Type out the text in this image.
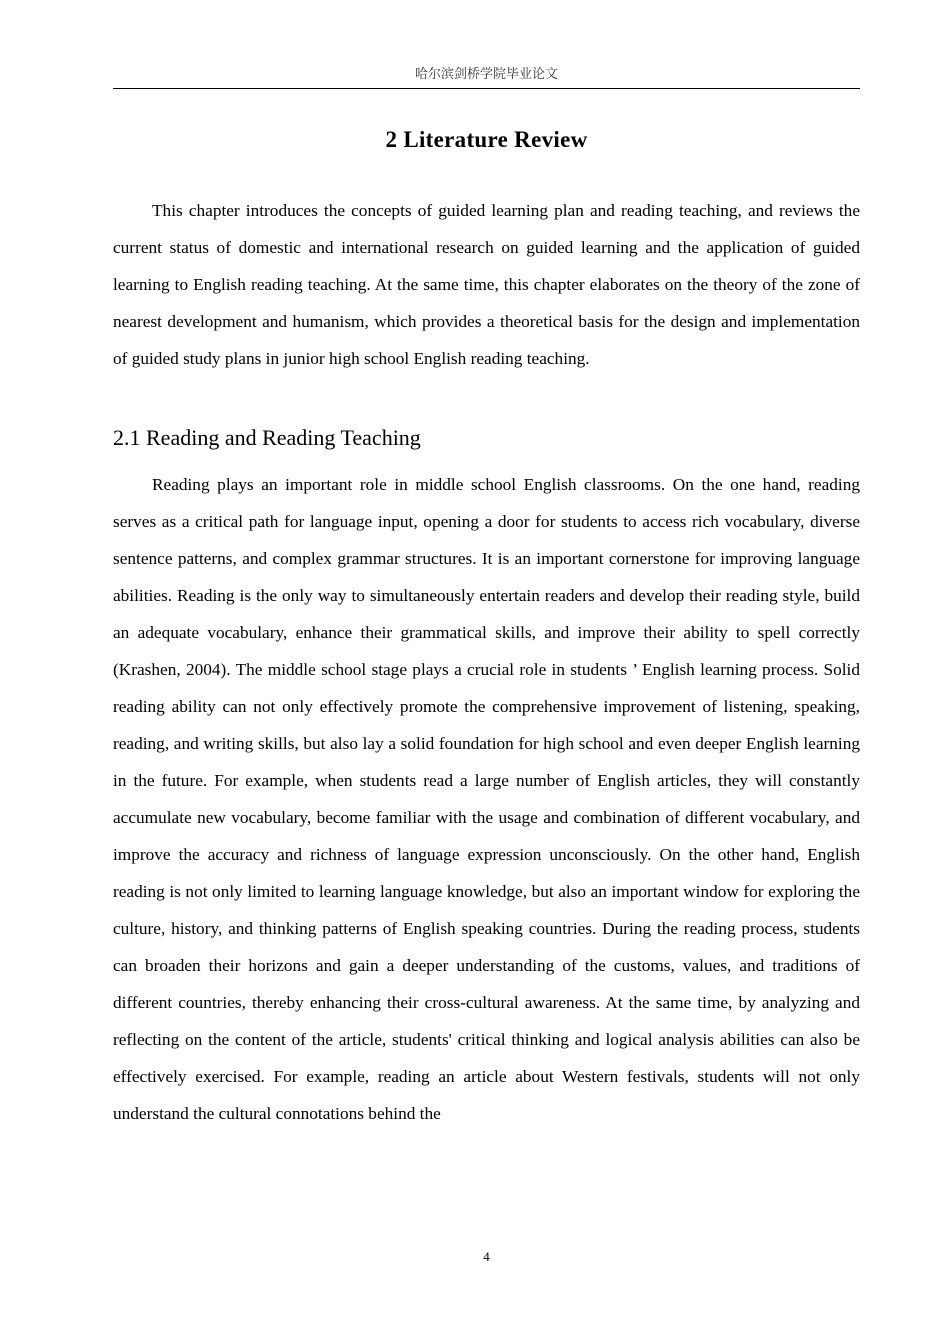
哈尔滨剑桥学院毕业论文
2 Literature Review

This chapter introduces the concepts of guided learning plan and reading teaching, and reviews the current status of domestic and international research on guided learning and the application of guided learning to English reading teaching. At the same time, this chapter elaborates on the theory of the zone of nearest development and humanism, which provides a theoretical basis for the design and implementation of guided study plans in junior high school English reading teaching.

2.1 Reading and Reading Teaching

Reading plays an important role in middle school English classrooms. On the one hand, reading serves as a critical path for language input, opening a door for students to access rich vocabulary, diverse sentence patterns, and complex grammar structures. It is an important cornerstone for improving language abilities. Reading is the only way to simultaneously entertain readers and develop their reading style, build an adequate vocabulary, enhance their grammatical skills, and improve their ability to spell correctly (Krashen, 2004). The middle school stage plays a crucial role in students ’ English learning process. Solid reading ability can not only effectively promote the comprehensive improvement of listening, speaking, reading, and writing skills, but also lay a solid foundation for high school and even deeper English learning in the future. For example, when students read a large number of English articles, they will constantly accumulate new vocabulary, become familiar with the usage and combination of different vocabulary, and improve the accuracy and richness of language expression unconsciously. On the other hand, English reading is not only limited to learning language knowledge, but also an important window for exploring the culture, history, and thinking patterns of English speaking countries. During the reading process, students can broaden their horizons and gain a deeper understanding of the customs, values, and traditions of different countries, thereby enhancing their cross-cultural awareness. At the same time, by analyzing and reflecting on the content of the article, students' critical thinking and logical analysis abilities can also be effectively exercised. For example, reading an article about Western festivals, students will not only understand the cultural connotations behind the

4
